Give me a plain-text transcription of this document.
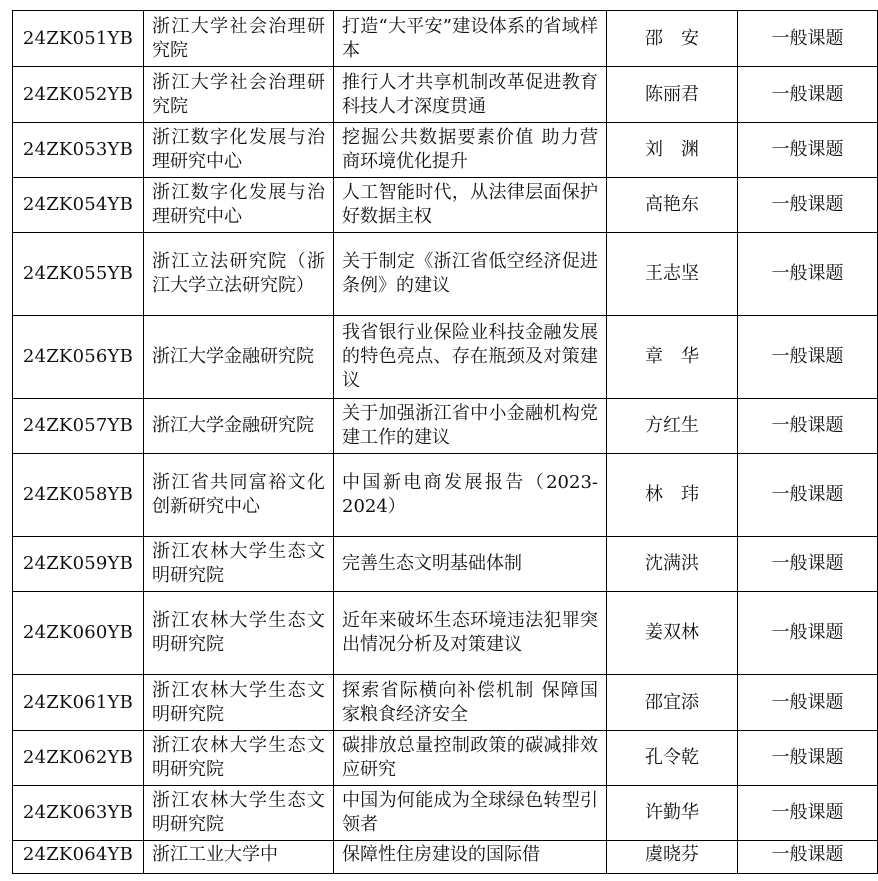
24ZK051YB	浙江大学社会治理研究院	打造“大平安”建设体系的省域样本	邵　安	一般课题
24ZK052YB	浙江大学社会治理研究院	推行人才共享机制改革促进教育科技人才深度贯通	陈丽君	一般课题
24ZK053YB	浙江数字化发展与治理研究中心	挖掘公共数据要素价值 助力营商环境优化提升	刘　渊	一般课题
24ZK054YB	浙江数字化发展与治理研究中心	人工智能时代，从法律层面保护好数据主权	高艳东	一般课题
24ZK055YB	浙江立法研究院（浙江大学立法研究院）	关于制定《浙江省低空经济促进条例》的建议	王志坚	一般课题
24ZK056YB	浙江大学金融研究院	我省银行业保险业科技金融发展的特色亮点、存在瓶颈及对策建议	章　华	一般课题
24ZK057YB	浙江大学金融研究院	关于加强浙江省中小金融机构党建工作的建议	方红生	一般课题
24ZK058YB	浙江省共同富裕文化创新研究中心	中国新电商发展报告（2023-2024）	林　玮	一般课题
24ZK059YB	浙江农林大学生态文明研究院	完善生态文明基础体制	沈满洪	一般课题
24ZK060YB	浙江农林大学生态文明研究院	近年来破坏生态环境违法犯罪突出情况分析及对策建议	姜双林	一般课题
24ZK061YB	浙江农林大学生态文明研究院	探索省际横向补偿机制 保障国家粮食经济安全	邵宜添	一般课题
24ZK062YB	浙江农林大学生态文明研究院	碳排放总量控制政策的碳减排效应研究	孔令乾	一般课题
24ZK063YB	浙江农林大学生态文明研究院	中国为何能成为全球绿色转型引领者	许勤华	一般课题
24ZK064YB	浙江工业大学中	保障性住房建设的国际借	虞晓芬	一般课题
